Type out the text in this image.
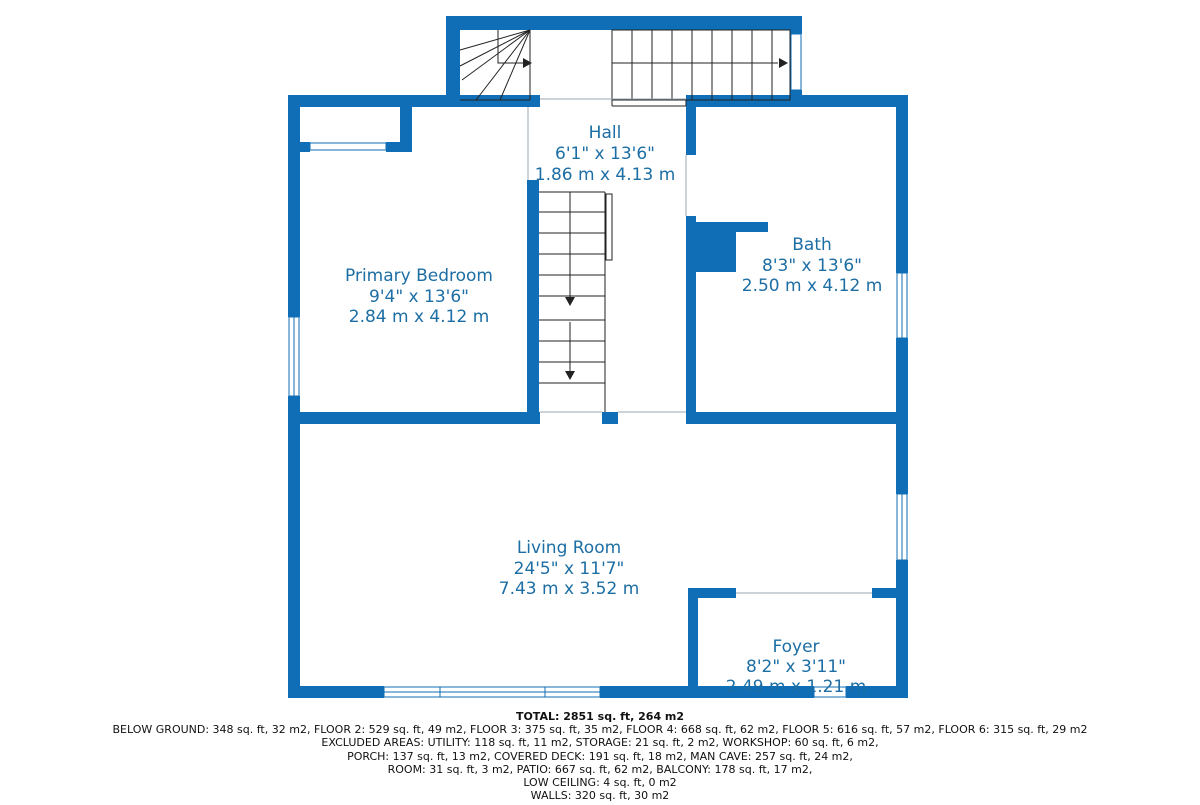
Hall
6'1" x 13'6"
1.86 m x 4.13 m
Primary Bedroom
9'4" x 13'6"
2.84 m x 4.12 m
Bath
8'3" x 13'6"
2.50 m x 4.12 m
Living Room
24'5" x 11'7"
7.43 m x 3.52 m
Foyer
8'2" x 3'11"
2.49 m x 1.21 m
TOTAL: 2851 sq. ft, 264 m2
BELOW GROUND: 348 sq. ft, 32 m2, FLOOR 2: 529 sq. ft, 49 m2, FLOOR 3: 375 sq. ft, 35 m2, FLOOR 4: 668 sq. ft, 62 m2, FLOOR 5: 616 sq. ft, 57 m2, FLOOR 6: 315 sq. ft, 29 m2
EXCLUDED AREAS: UTILITY: 118 sq. ft, 11 m2, STORAGE: 21 sq. ft, 2 m2, WORKSHOP: 60 sq. ft, 6 m2,
PORCH: 137 sq. ft, 13 m2, COVERED DECK: 191 sq. ft, 18 m2, MAN CAVE: 257 sq. ft, 24 m2,
ROOM: 31 sq. ft, 3 m2, PATIO: 667 sq. ft, 62 m2, BALCONY: 178 sq. ft, 17 m2,
LOW CEILING: 4 sq. ft, 0 m2
WALLS: 320 sq. ft, 30 m2
